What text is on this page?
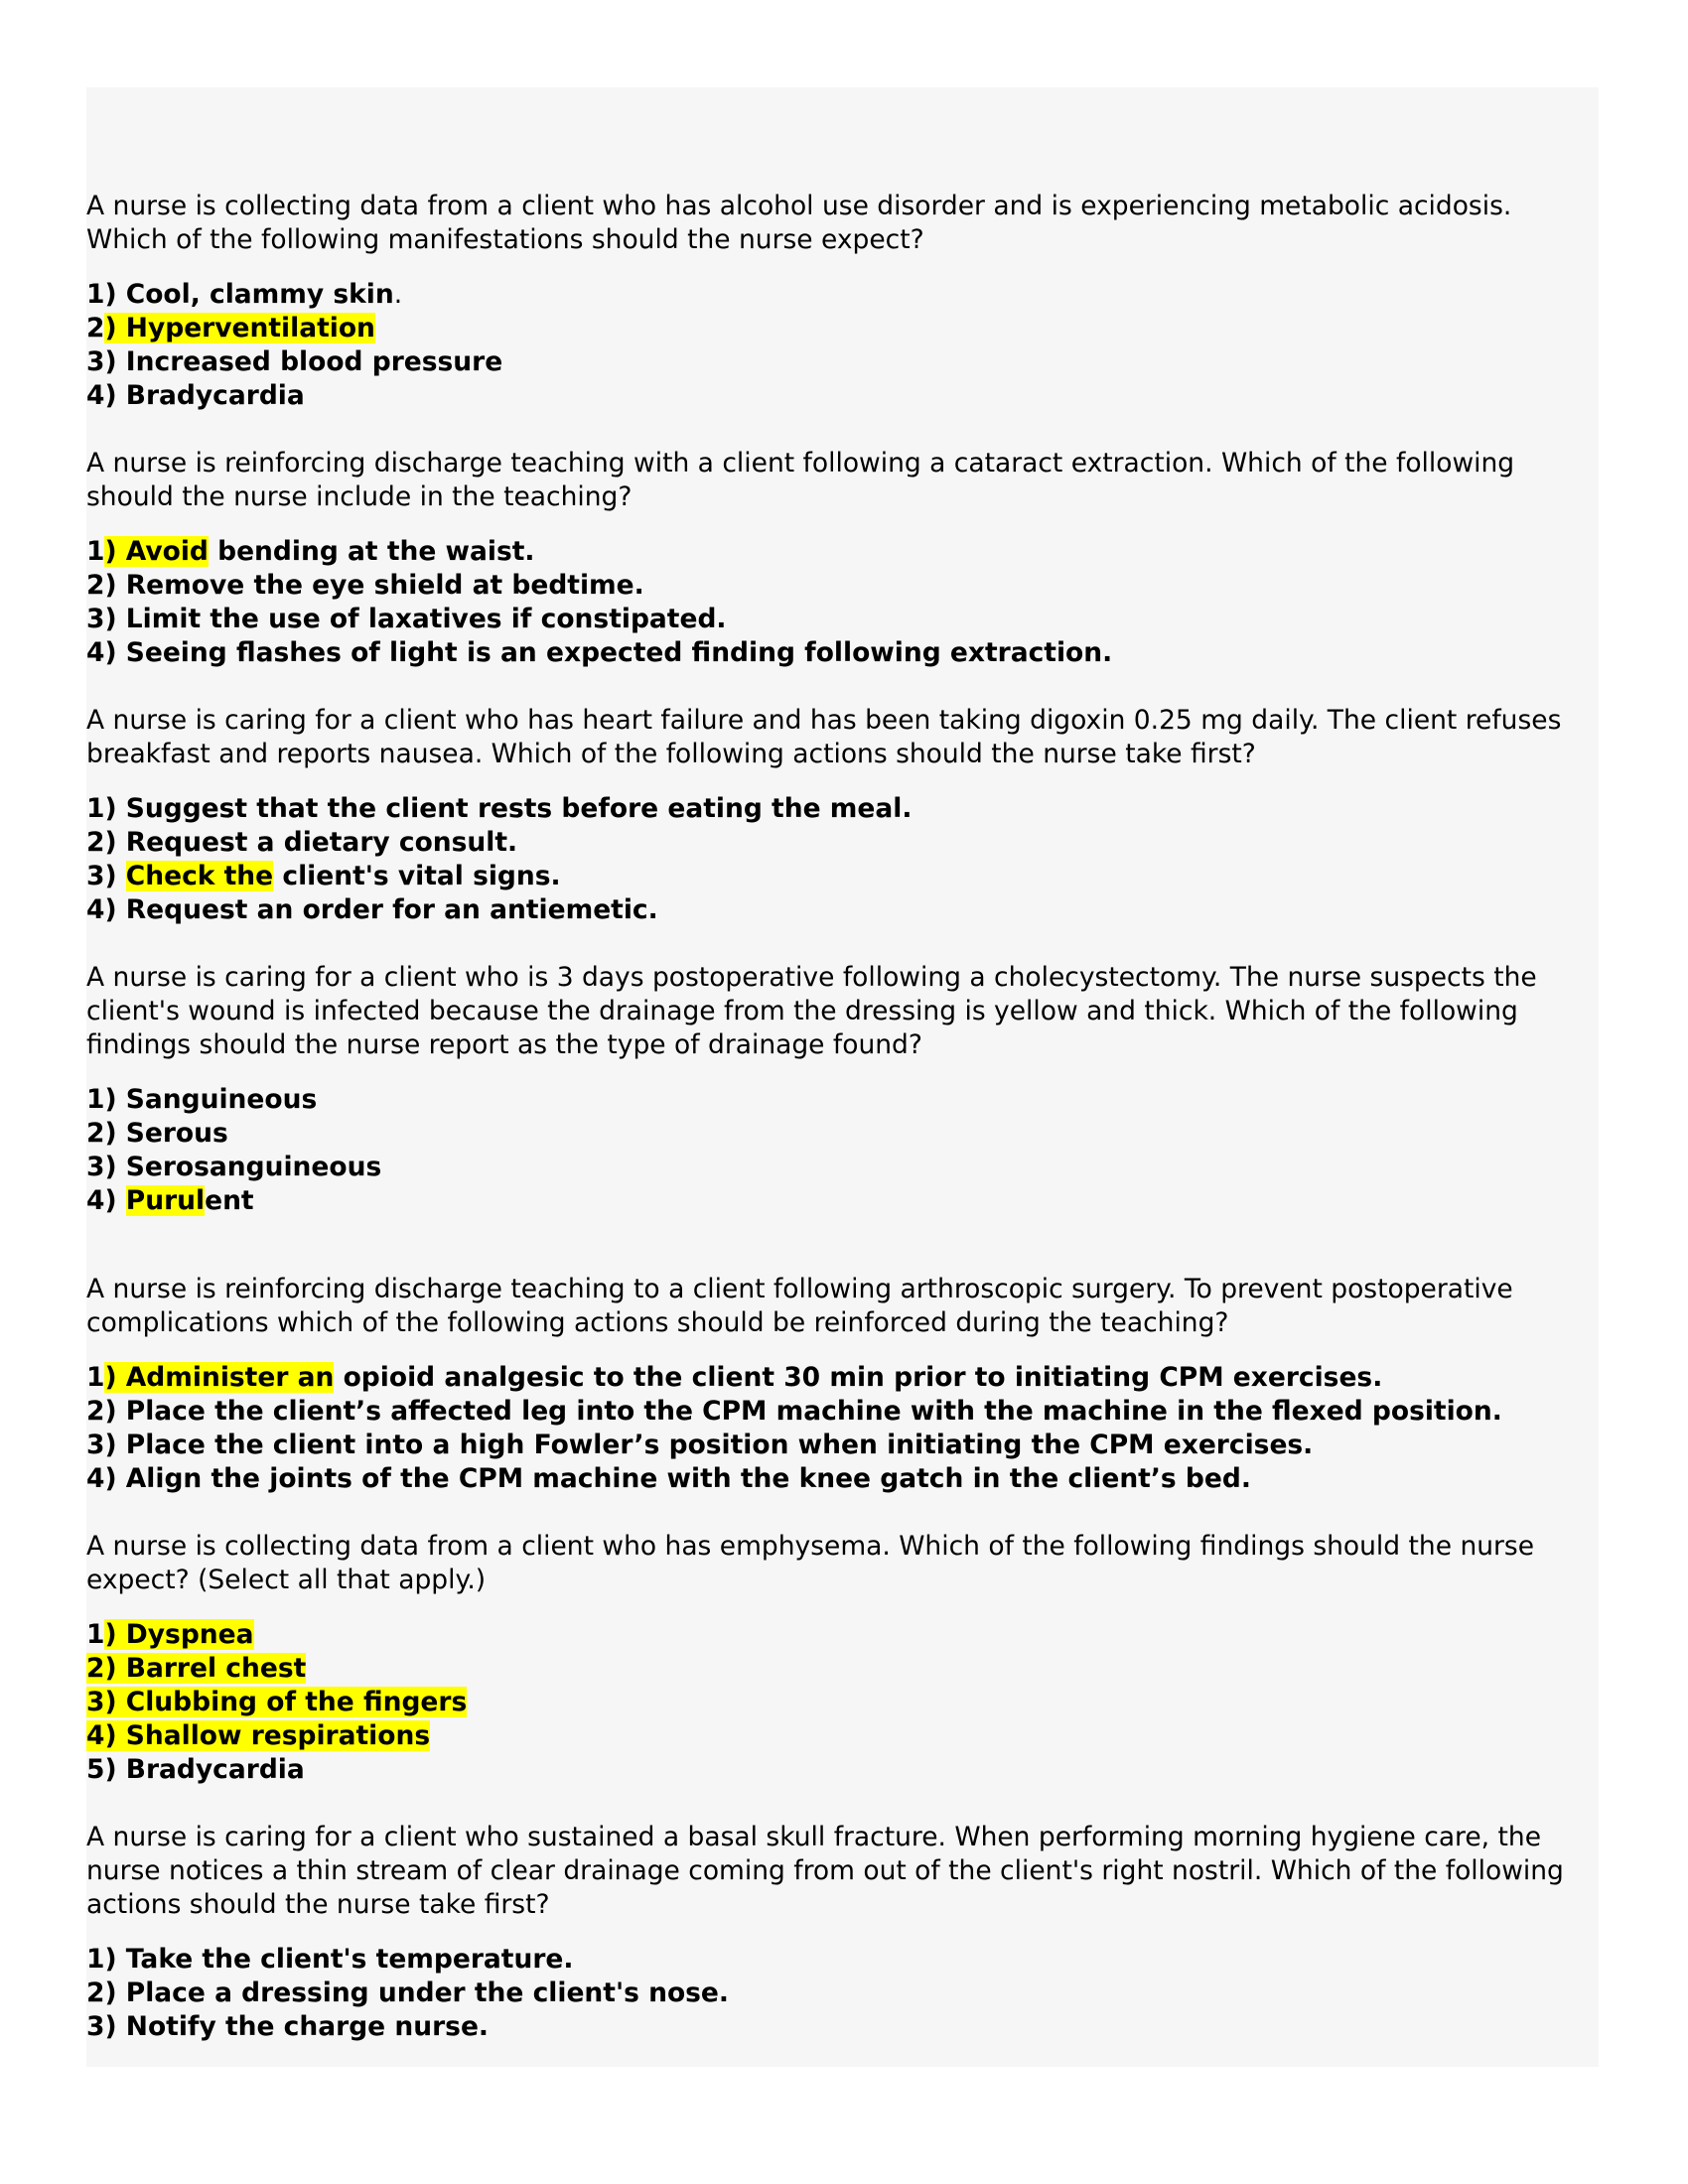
A nurse is collecting data from a client who has alcohol use disorder and is experiencing metabolic acidosis. Which of the following manifestations should the nurse expect?
1) Cool, clammy skin.
2) Hyperventilation
3) Increased blood pressure
4) Bradycardia
A nurse is reinforcing discharge teaching with a client following a cataract extraction. Which of the following should the nurse include in the teaching?
1) Avoid bending at the waist.
2) Remove the eye shield at bedtime.
3) Limit the use of laxatives if constipated.
4) Seeing flashes of light is an expected finding following extraction.
A nurse is caring for a client who has heart failure and has been taking digoxin 0.25 mg daily. The client refuses breakfast and reports nausea. Which of the following actions should the nurse take first?
1) Suggest that the client rests before eating the meal.
2) Request a dietary consult.
3) Check the client's vital signs.
4) Request an order for an antiemetic.
A nurse is caring for a client who is 3 days postoperative following a cholecystectomy. The nurse suspects the client's wound is infected because the drainage from the dressing is yellow and thick. Which of the following findings should the nurse report as the type of drainage found?
1) Sanguineous
2) Serous
3) Serosanguineous
4) Purulent
A nurse is reinforcing discharge teaching to a client following arthroscopic surgery. To prevent postoperative complications which of the following actions should be reinforced during the teaching?
1) Administer an opioid analgesic to the client 30 min prior to initiating CPM exercises.
2) Place the client’s affected leg into the CPM machine with the machine in the flexed position.
3) Place the client into a high Fowler’s position when initiating the CPM exercises.
4) Align the joints of the CPM machine with the knee gatch in the client’s bed.
A nurse is collecting data from a client who has emphysema. Which of the following findings should the nurse expect? (Select all that apply.)
1) Dyspnea
2) Barrel chest
3) Clubbing of the fingers
4) Shallow respirations
5) Bradycardia
A nurse is caring for a client who sustained a basal skull fracture. When performing morning hygiene care, the nurse notices a thin stream of clear drainage coming from out of the client's right nostril. Which of the following actions should the nurse take first?
1) Take the client's temperature.
2) Place a dressing under the client's nose.
3) Notify the charge nurse.
